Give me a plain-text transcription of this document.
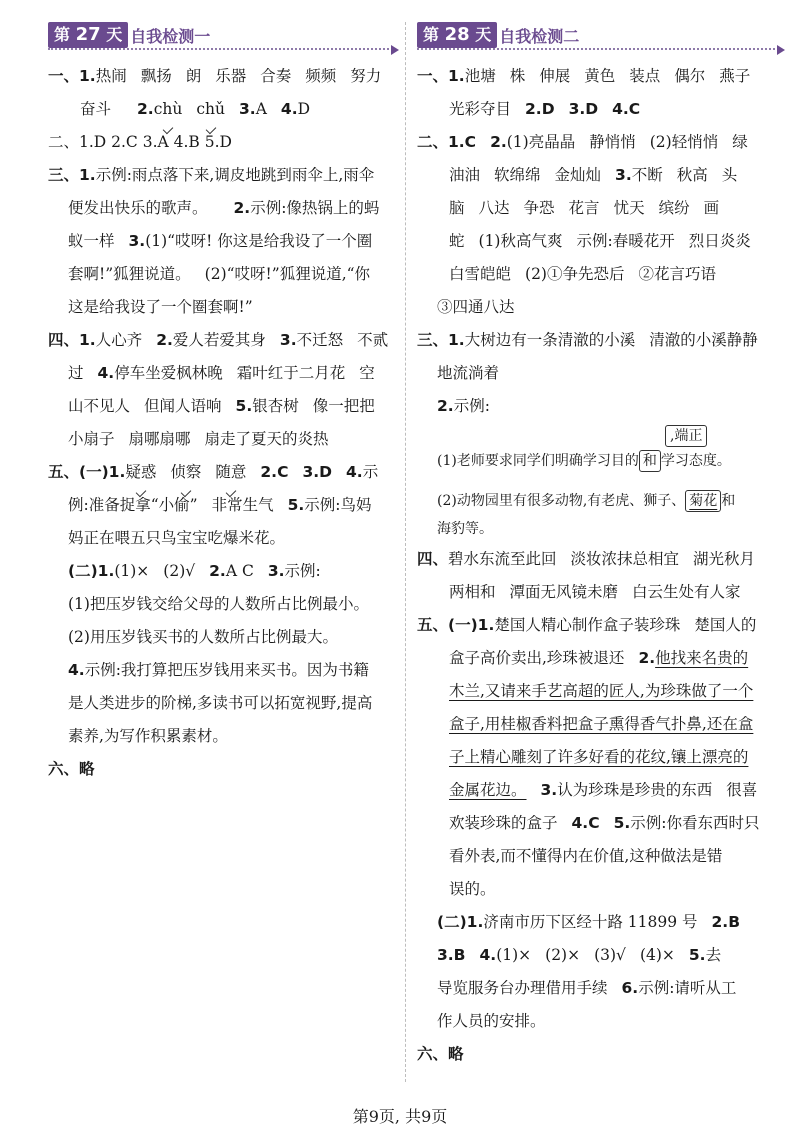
第 27 天 自我检测一

一、1.热闹 飘扬 朗 乐器 合奏 频频 努力

奋斗 2.chù chǔ 3.A 4.D

二、1.D 2.C 3.A 4.B 5.D

三、1.示例:雨点落下来,调皮地跳到雨伞上,雨伞

便发出快乐的歌声。 2.示例:像热锅上的蚂

蚁一样 3.(1)“哎呀! 你这是给我设了一个圈

套啊!”狐狸说道。 (2)“哎呀!”狐狸说道,“你

这是给我设了一个圈套啊!”

四、1.人心齐 2.爱人若爱其身 3.不迁怒 不贰

过 4.停车坐爱枫林晚 霜叶红于二月花 空

山不见人 但闻人语响 5.银杏树 像一把把

小扇子 扇哪扇哪 扇走了夏天的炎热

五、(一)1.疑惑 侦察 随意 2.C 3.D 4.示

例:准备捉拿“小偷” 非常生气 5.示例:鸟妈

妈正在喂五只鸟宝宝吃爆米花。

(二)1.(1)× (2)√ 2.A C 3.示例:

(1)把压岁钱交给父母的人数所占比例最小。

(2)用压岁钱买书的人数所占比例最大。

4.示例:我打算把压岁钱用来买书。因为书籍

是人类进步的阶梯,多读书可以拓宽视野,提高

素养,为写作积累素材。

六、略

第 28 天 自我检测二

一、1.池塘 株 伸展 黄色 装点 偶尔 燕子

光彩夺目 2.D 3.D 4.C

二、1.C 2.(1)亮晶晶 静悄悄 (2)轻悄悄 绿

油油 软绵绵 金灿灿 3.不断 秋高 头

脑 八达 争恐 花言 忧天 缤纷 画

蛇 (1)秋高气爽 示例:春暖花开 烈日炎炎

白雪皑皑 (2)①争先恐后 ②花言巧语

③四通八达

三、1.大树边有一条清澈的小溪 清澈的小溪静静

地流淌着

2.示例:

,端正
(1)老师要求同学们明确学习目的 和 学习态度。
(2)动物园里有很多动物,有老虎、狮子、 菊花 和
海豹等。

四、碧水东流至此回 淡妆浓抹总相宜 湖光秋月

两相和 潭面无风镜未磨 白云生处有人家

五、(一)1.楚国人精心制作盒子装珍珠 楚国人的

盒子高价卖出,珍珠被退还 2.他找来名贵的

木兰,又请来手艺高超的匠人,为珍珠做了一个

盒子,用桂椒香料把盒子熏得香气扑鼻,还在盒

子上精心雕刻了许多好看的花纹,镶上漂亮的

金属花边。 3.认为珍珠是珍贵的东西 很喜

欢装珍珠的盒子 4.C 5.示例:你看东西时只

看外表,而不懂得内在价值,这种做法是错

误的。

(二)1.济南市历下区经十路 11899 号 2.B

3.B 4.(1)× (2)× (3)√ (4)× 5.去

导览服务台办理借用手续 6.示例:请听从工

作人员的安排。

六、略

第9页, 共9页
